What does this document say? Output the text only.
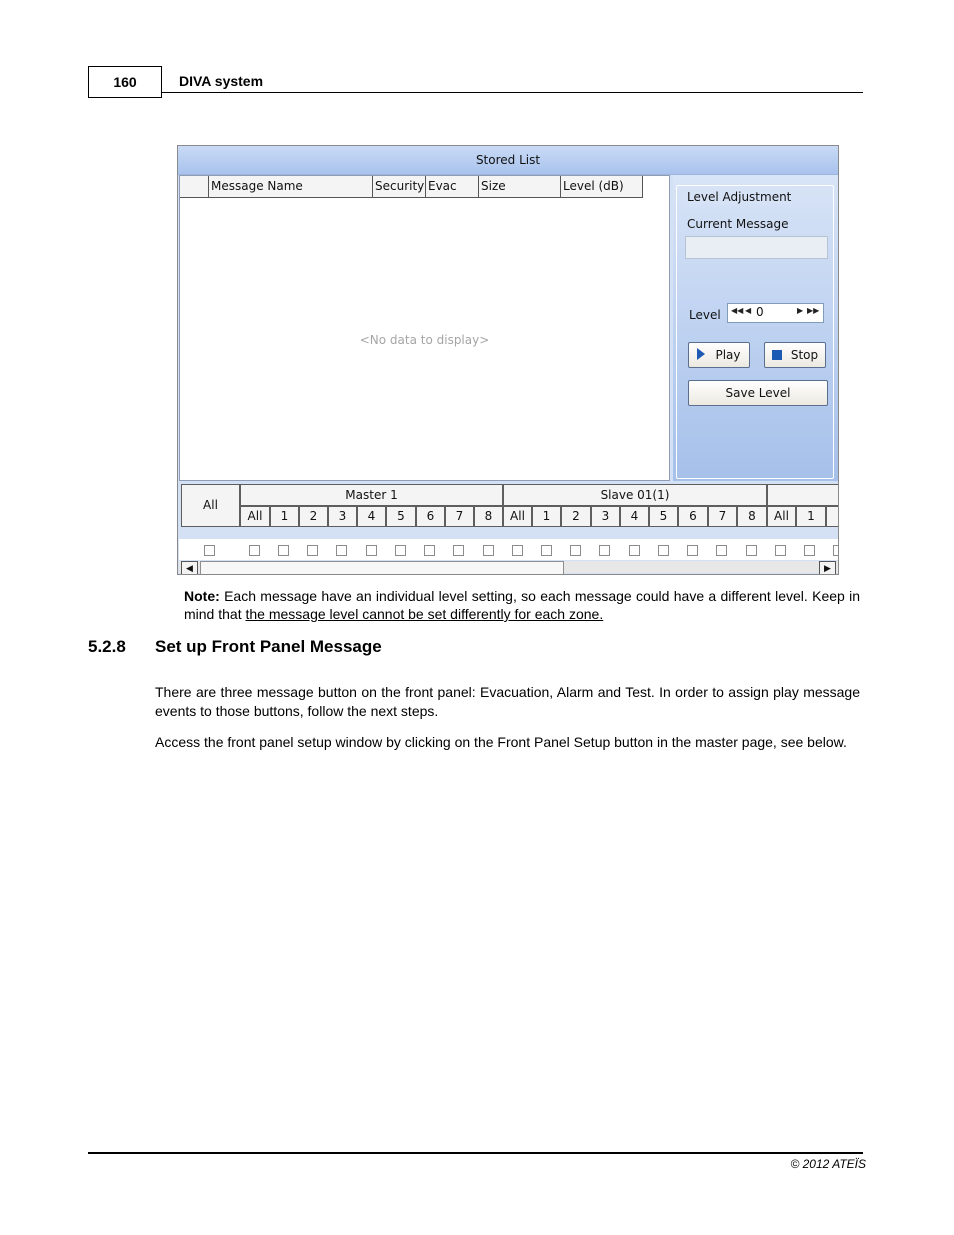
160	DIVA system
Stored List
Message Name	Security Evac	Size	Level (dB)
<No data to display>
Level Adjustment
Current Message
Level ◀◀ ◀ 0	▶ ▶▶
Play	Stop
Save Level
All
Master 1	Slave 01(1)
All	1	2	3	4	5	6	7	8	All	1	2	3	4	5	6	7	8	All	1
◀	▶
Note: Each message have an individual level setting, so each message could have a different level. Keep in mind that the message level cannot be set differently for each zone.
5.2.8 Set up Front Panel Message
There are three message button on the front panel: Evacuation, Alarm and Test. In order to assign play message events to those buttons, follow the next steps.
Access the front panel setup window by clicking on the Front Panel Setup button in the master page, see below.
© 2012 ATEÏS
